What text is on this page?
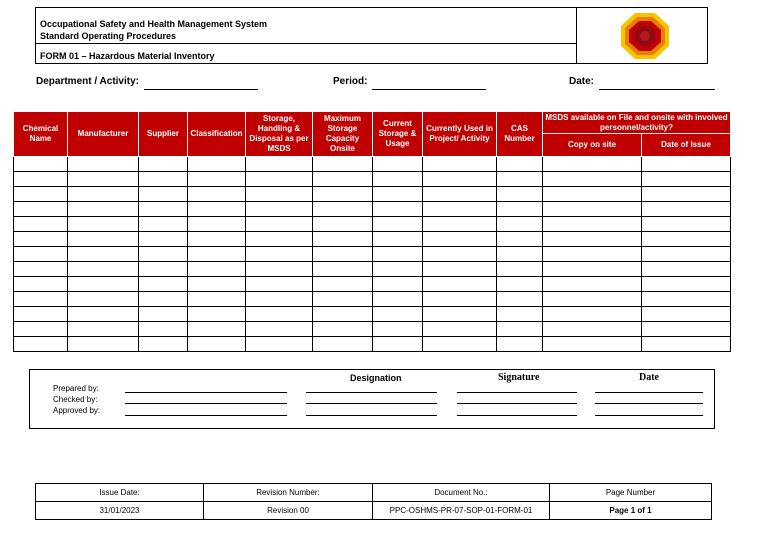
Occupational Safety and Health Management System
Standard Operating Procedures
FORM 01 – Hazardous Material Inventory
Department / Activity:	Period:	Date:
Chemical Name	Manufacturer	Supplier	Classification	Storage, Handling & Disposal as per MSDS	Maximum Storage Capacity Onsite	Current Storage & Usage	Currently Used in Project/ Activity	CAS Number	MSDS available on File and onsite with involved personnel/activity?	
									Copy on site	Date of Issue

Designation	Signature	Date
Prepared by:
Checked by:
Approved by:
Issue Date:	Revision Number:	Document No.:	Page Number
31/01/2023	Revision 00	PPC-OSHMS-PR-07-SOP-01-FORM-01	Page 1 of 1
